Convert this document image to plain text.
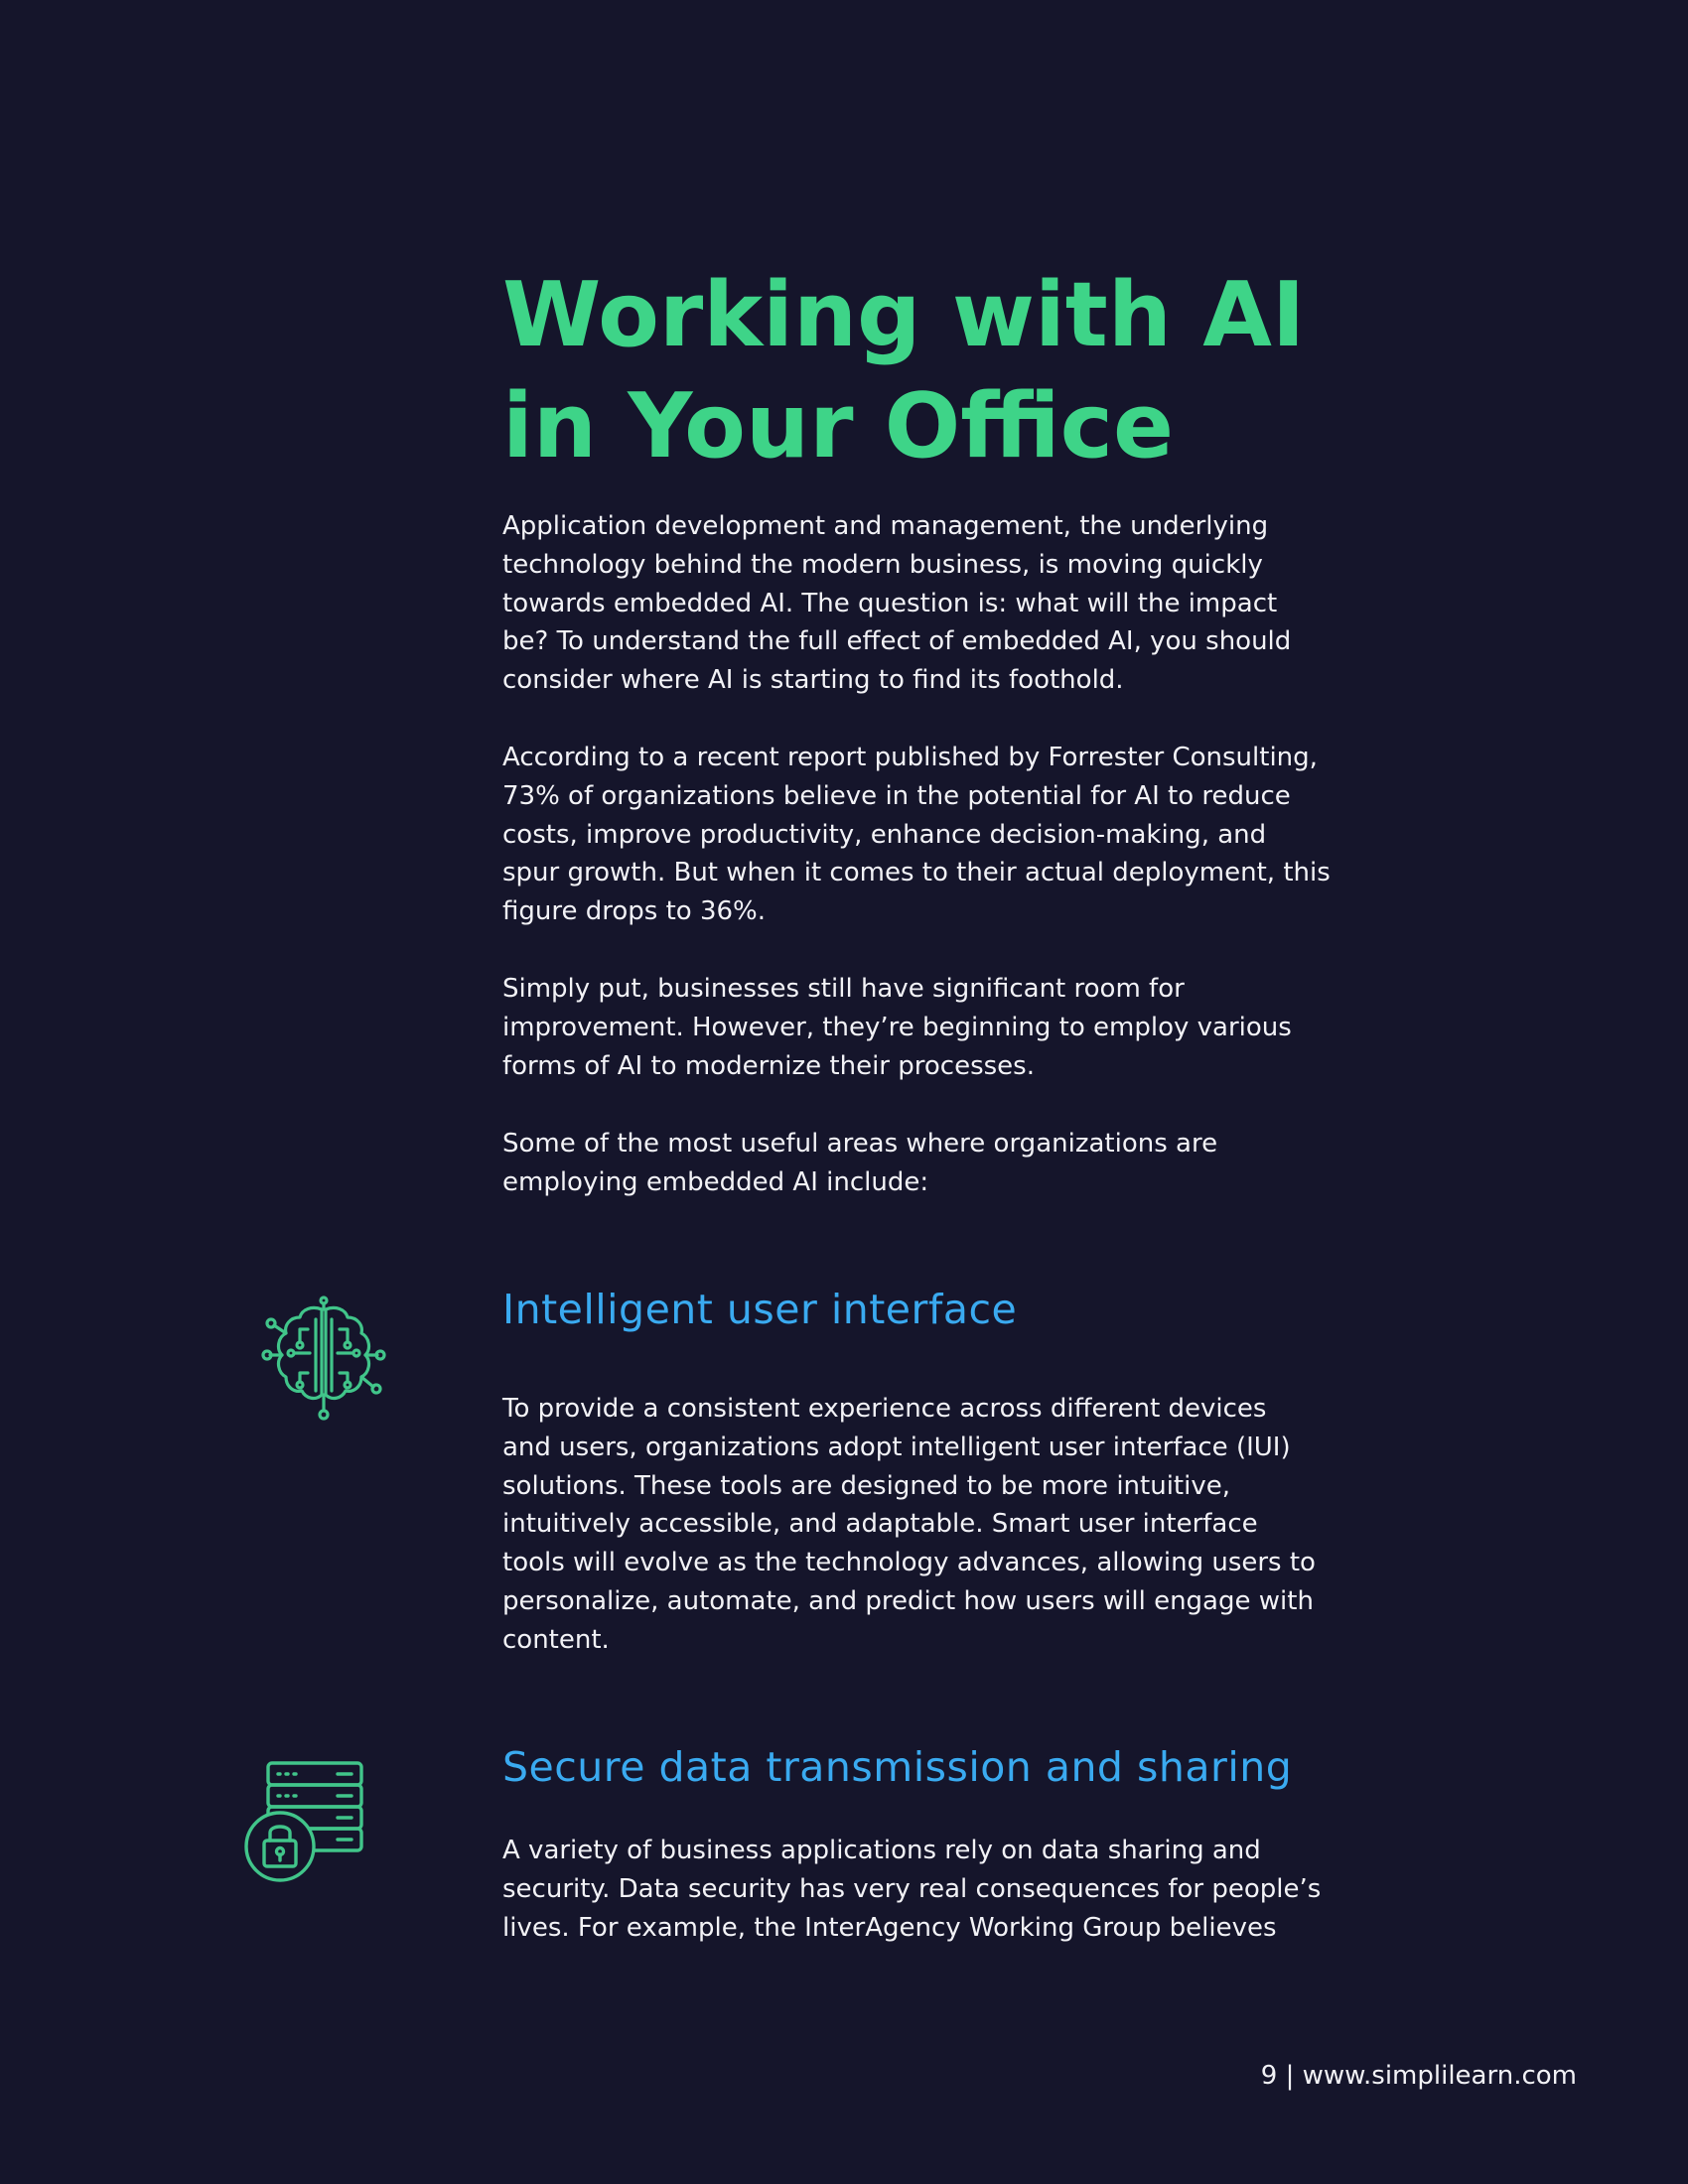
Working with AI
in Your Office

Application development and management, the underlying
technology behind the modern business, is moving quickly
towards embedded AI. The question is: what will the impact
be? To understand the full effect of embedded AI, you should
consider where AI is starting to find its foothold.

According to a recent report published by Forrester Consulting,
73% of organizations believe in the potential for AI to reduce
costs, improve productivity, enhance decision-making, and
spur growth. But when it comes to their actual deployment, this
figure drops to 36%.

Simply put, businesses still have significant room for
improvement. However, they’re beginning to employ various
forms of AI to modernize their processes.

Some of the most useful areas where organizations are
employing embedded AI include:

Intelligent user interface

To provide a consistent experience across different devices
and users, organizations adopt intelligent user interface (IUI)
solutions. These tools are designed to be more intuitive,
intuitively accessible, and adaptable. Smart user interface
tools will evolve as the technology advances, allowing users to
personalize, automate, and predict how users will engage with
content.

Secure data transmission and sharing

A variety of business applications rely on data sharing and
security. Data security has very real consequences for people’s
lives. For example, the InterAgency Working Group believes

9 | www.simplilearn.com
